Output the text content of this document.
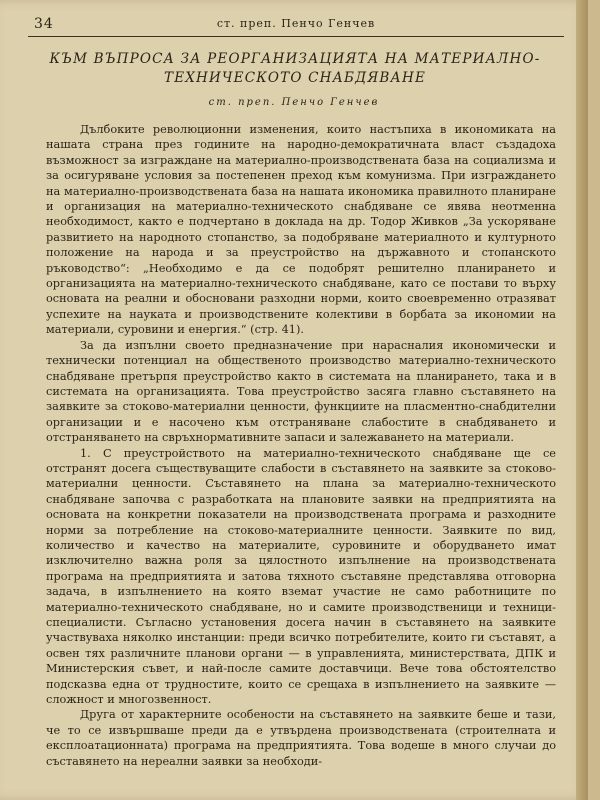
34	ст. преп. Пенчо Генчев
КЪМ ВЪПРОСА ЗА РЕОРГАНИЗАЦИЯТА НА МАТЕРИАЛНО-
ТЕХНИЧЕСКОТО СНАБДЯВАНЕ
ст. преп. Пенчо Генчев

Дълбоките революционни изменения, които настъпиха в икономиката на нашата страна през годините на народно-демократичната власт създадоха възможност за изграждане на материално-производствената база на социализма и за осигуряване условия за постепенен преход към комунизма. При изграждането на материално-производствената база на нашата икономика правилното планиране и организация на материално-техническото снабдяване се явява неотменна необходимост, както е подчертано в доклада на др. Тодор Живков „За ускоряване развитието на народното стопанство, за подобряване материалното и културното положение на народа и за преустройство на държавното и стопанското ръководство“: „Необходимо е да се подобрят решително планирането и организацията на материално-техническото снабдяване, като се постави то върху основата на реални и обосновани разходни норми, които своевременно отразяват успехите на науката и производствените колективи в борбата за икономии на материали, суровини и енергия.“ (стр. 41).

За да изпълни своето предназначение при нарасналия икономически и технически потенциал на общественото производство материално-техническото снабдяване претърпя преустройство както в системата на планирането, така и в системата на организацията. Това преустройство засяга главно съставянето на заявките за стоково-материални ценности, функциите на пласментно-снабдителни организации и е насочено към отстраняване слабостите в снабдяването и отстраняването на свръхнормативните запаси и залежаването на материали.

1. С преустройството на материално-техническото снабдяване ще се отстранят досега съществуващите слабости в съставянето на заявките за стоково-материални ценности. Съставянето на плана за материално-техническото снабдяване започва с разработката на плановите заявки на предприятията на основата на конкретни показатели на производствената програма и разходните норми за потребление на стоково-материалните ценности. Заявките по вид, количество и качество на материалите, суровините и оборудването имат изключително важна роля за цялостното изпълнение на производствената програма на предприятията и затова тяхното съставяне представлява отговорна задача, в изпълнението на която вземат участие не само работниците по материално-техническото снабдяване, но и самите производственици и техници-специалисти. Съгласно установения досега начин в съставянето на заявките участвуваха няколко инстанции: преди всичко потребителите, които ги съставят, а освен тях различните планови органи — в управленията, министерствата, ДПК и Министерския съвет, и най-после самите доставчици. Вече това обстоятелство подсказва една от трудностите, които се срещаха в изпълнението на заявките — сложност и многозвенност.

Друга от характерните особености на съставянето на заявките беше и тази, че то се извършваше преди да е утвърдена производствената (строителната и експлоатационната) програма на предприятията. Това водеше в много случаи до съставянето на нереални заявки за необходи-
